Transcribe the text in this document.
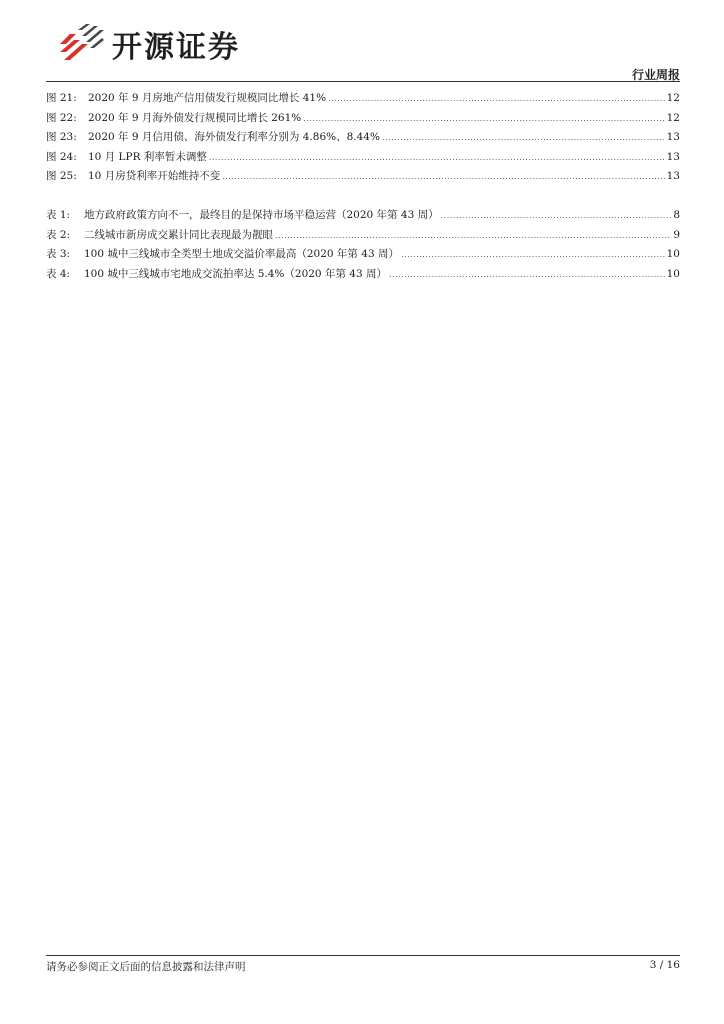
开源证券
行业周报
图 21:	2020 年 9 月房地产信用债发行规模同比增长 41% .....	12
图 22:	2020 年 9 月海外债发行规模同比增长 261% .....	12
图 23:	2020 年 9 月信用债、海外债发行利率分别为 4.86%、8.44% .....	13
图 24:	10 月 LPR 利率暂未调整 .....	13
图 25:	10 月房贷利率开始维持不变 .....	13
表 1:	地方政府政策方向不一，最终目的是保持市场平稳运营（2020 年第 43 周） .....	8
表 2:	二线城市新房成交累计同比表现最为靓眼 .....	9
表 3:	100 城中三线城市全类型土地成交溢价率最高（2020 年第 43 周） .....	10
表 4:	100 城中三线城市宅地成交流拍率达 5.4%（2020 年第 43 周） .....	10
请务必参阅正文后面的信息披露和法律声明	3 / 16
